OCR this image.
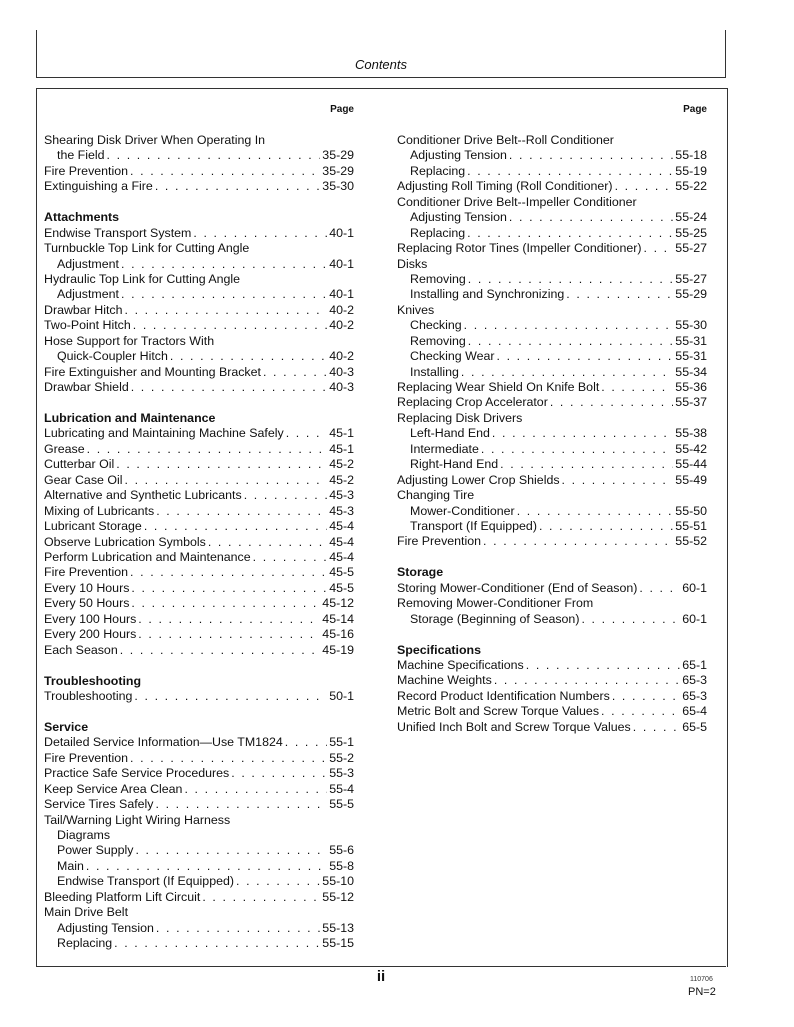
Contents
Page
Shearing Disk Driver When Operating In
the Field . . .	35-29
Fire Prevention . . .	35-29
Extinguishing a Fire . . .	35-30
Attachments
Endwise Transport System . . .	40-1
Turnbuckle Top Link for Cutting Angle
Adjustment . . .	40-1
Hydraulic Top Link for Cutting Angle
Adjustment . . .	40-1
Drawbar Hitch . . .	40-2
Two-Point Hitch . . .	40-2
Hose Support for Tractors With
Quick-Coupler Hitch . . .	40-2
Fire Extinguisher and Mounting Bracket . . .	40-3
Drawbar Shield . . .	40-3
Lubrication and Maintenance
Lubricating and Maintaining Machine Safely . . .	45-1
Grease . . .	45-1
Cutterbar Oil . . .	45-2
Gear Case Oil . . .	45-2
Alternative and Synthetic Lubricants . . .	45-3
Mixing of Lubricants . . .	45-3
Lubricant Storage . . .	45-4
Observe Lubrication Symbols . . .	45-4
Perform Lubrication and Maintenance . . .	45-4
Fire Prevention . . .	45-5
Every 10 Hours . . .	45-5
Every 50 Hours . . .	45-12
Every 100 Hours . . .	45-14
Every 200 Hours . . .	45-16
Each Season . . .	45-19
Troubleshooting
Troubleshooting . . .	50-1
Service
Detailed Service Information—Use TM1824 . . .	55-1
Fire Prevention . . .	55-2
Practice Safe Service Procedures . . .	55-3
Keep Service Area Clean . . .	55-4
Service Tires Safely . . .	55-5
Tail/Warning Light Wiring Harness
Diagrams
Power Supply . . .	55-6
Main . . .	55-8
Endwise Transport (If Equipped) . . .	55-10
Bleeding Platform Lift Circuit . . .	55-12
Main Drive Belt
Adjusting Tension . . .	55-13
Replacing . . .	55-15
Page
Conditioner Drive Belt--Roll Conditioner
Adjusting Tension . . .	55-18
Replacing . . .	55-19
Adjusting Roll Timing (Roll Conditioner) . . .	55-22
Conditioner Drive Belt--Impeller Conditioner
Adjusting Tension . . .	55-24
Replacing . . .	55-25
Replacing Rotor Tines (Impeller Conditioner) . . .	55-27
Disks
Removing . . .	55-27
Installing and Synchronizing . . .	55-29
Knives
Checking . . .	55-30
Removing . . .	55-31
Checking Wear . . .	55-31
Installing . . .	55-34
Replacing Wear Shield On Knife Bolt . . .	55-36
Replacing Crop Accelerator . . .	55-37
Replacing Disk Drivers
Left-Hand End . . .	55-38
Intermediate . . .	55-42
Right-Hand End . . .	55-44
Adjusting Lower Crop Shields . . .	55-49
Changing Tire
Mower-Conditioner . . .	55-50
Transport (If Equipped) . . .	55-51
Fire Prevention . . .	55-52
Storage
Storing Mower-Conditioner (End of Season) . . .	60-1
Removing Mower-Conditioner From
Storage (Beginning of Season) . . .	60-1
Specifications
Machine Specifications . . .	65-1
Machine Weights . . .	65-3
Record Product Identification Numbers . . .	65-3
Metric Bolt and Screw Torque Values . . .	65-4
Unified Inch Bolt and Screw Torque Values . . .	65-5
ii	110706
PN=2
